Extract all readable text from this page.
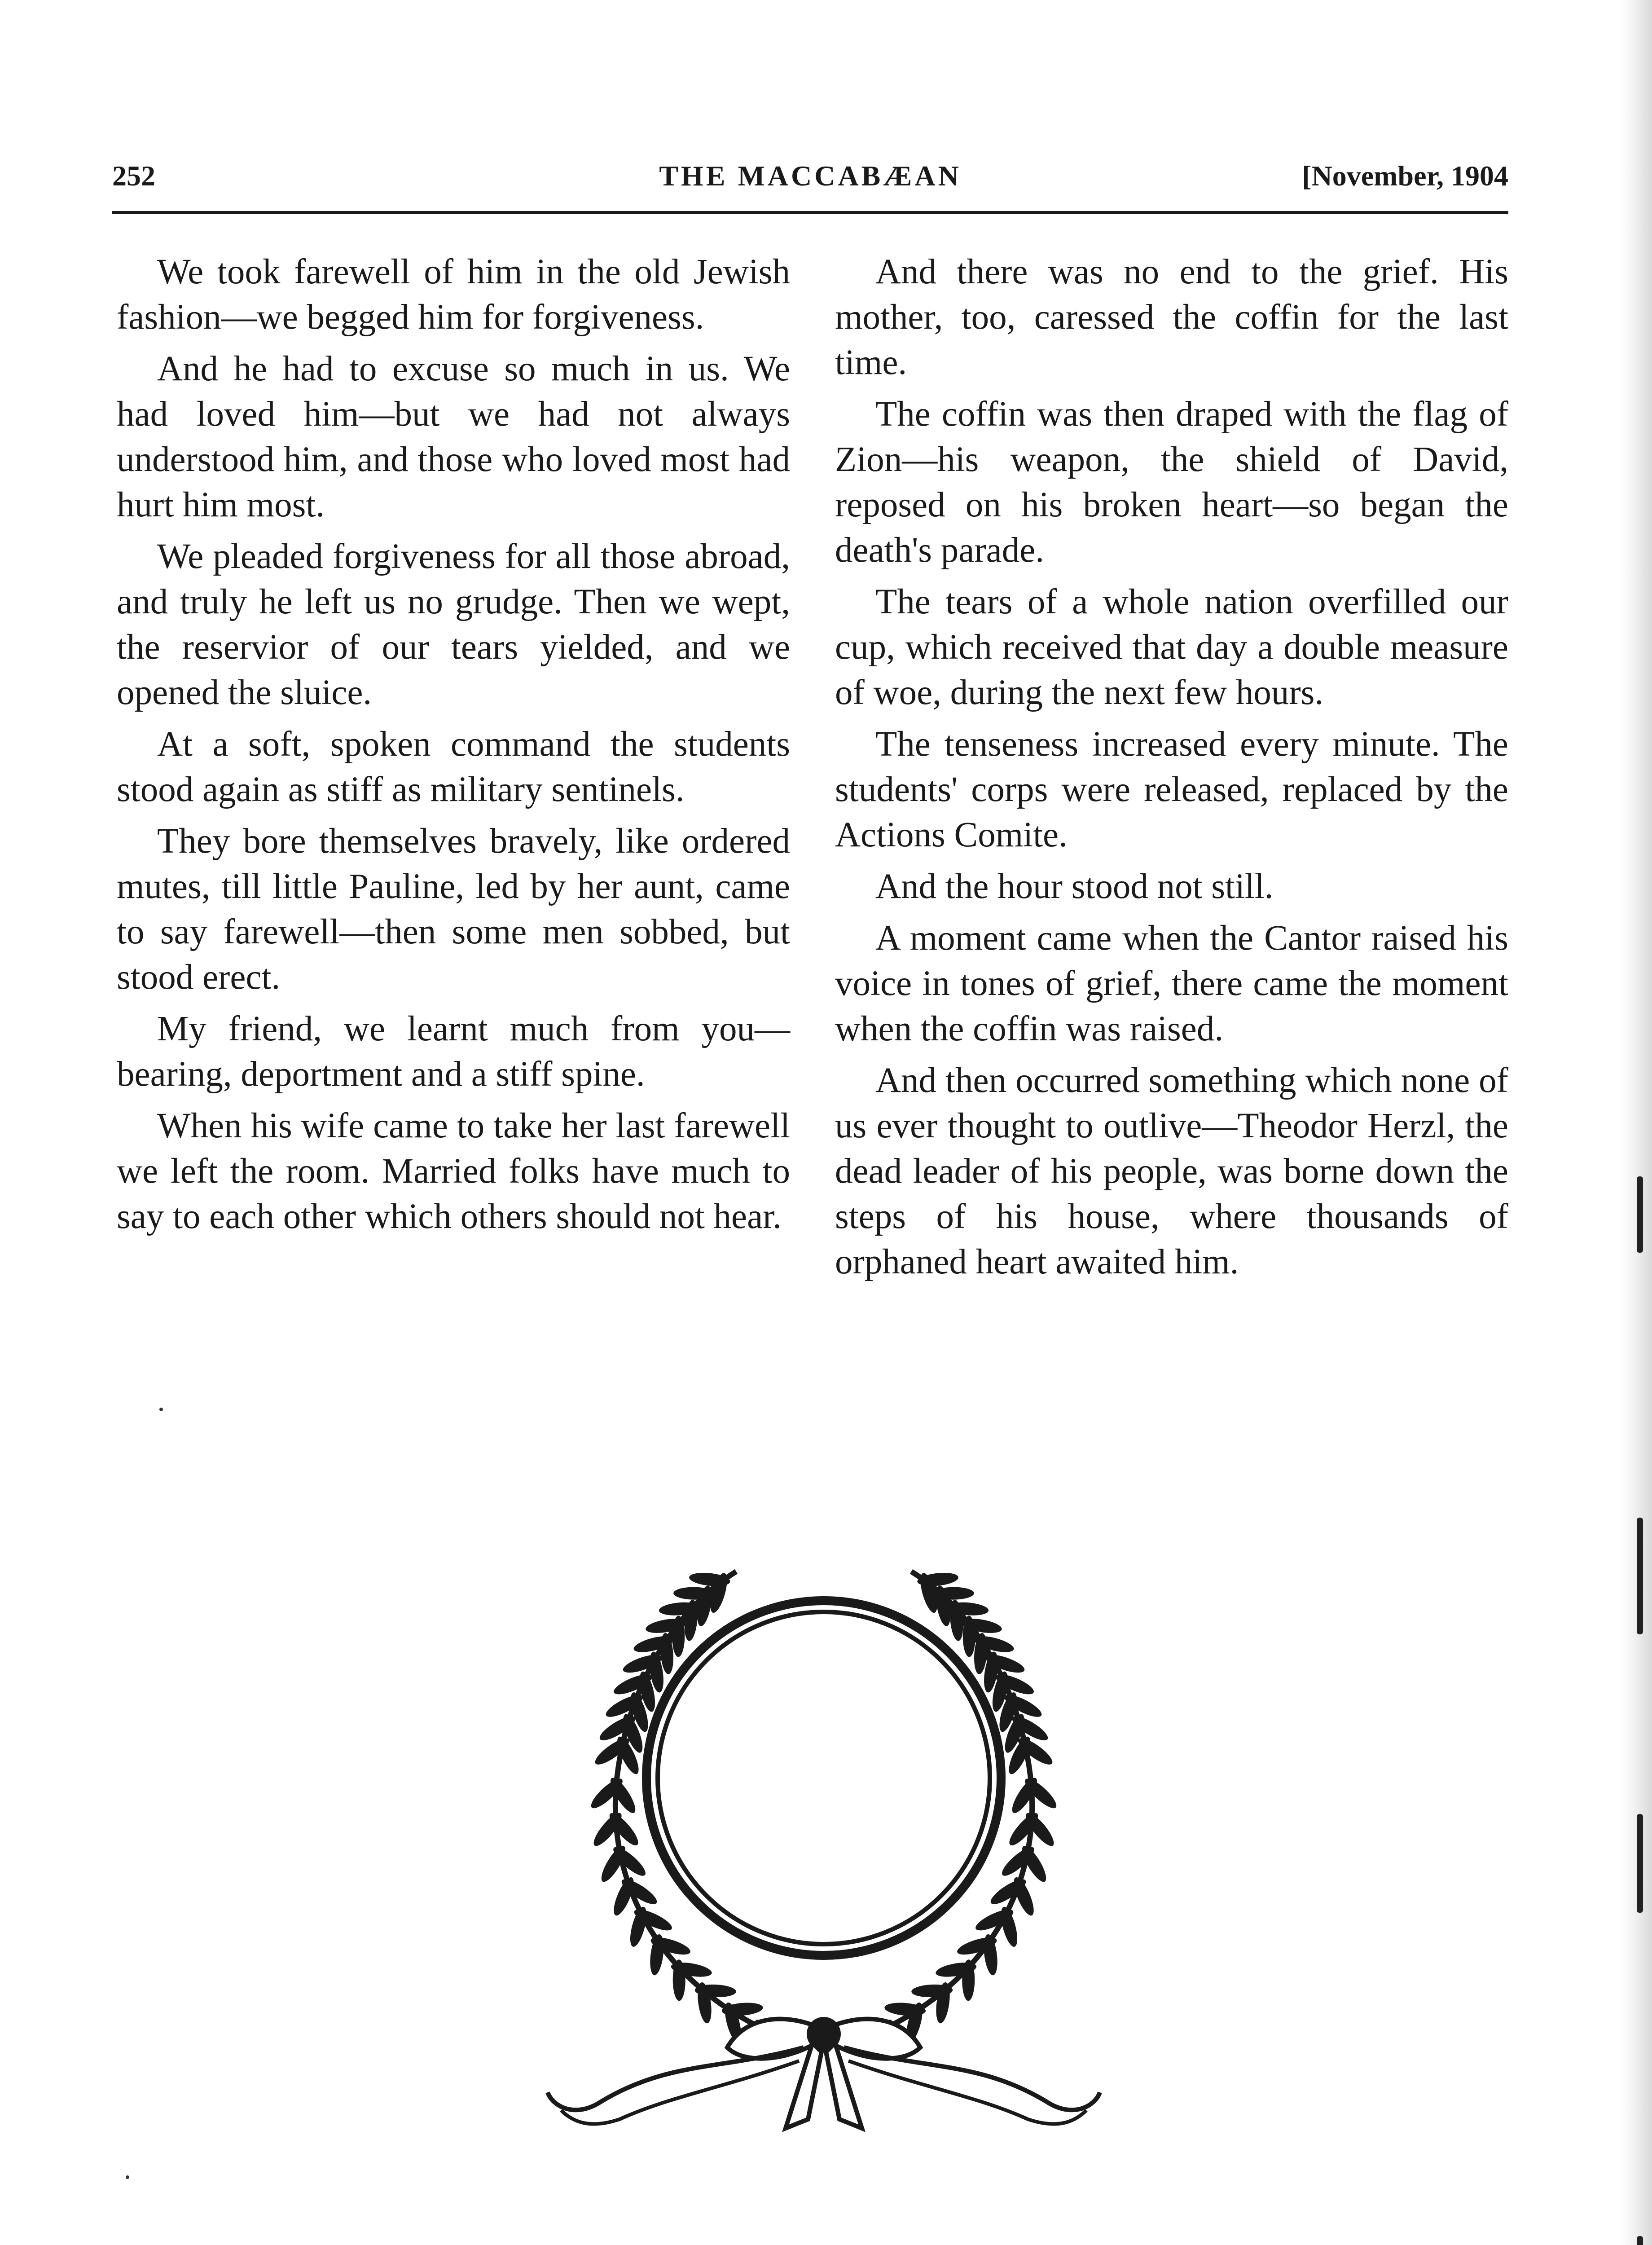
252	THE MACCABÆAN	[November, 1904

We took farewell of him in the old Jewish fashion—we begged him for forgiveness.

And he had to excuse so much in us. We had loved him—but we had not always understood him, and those who loved most had hurt him most.

We pleaded forgiveness for all those abroad, and truly he left us no grudge. Then we wept, the reservior of our tears yielded, and we opened the sluice.

At a soft, spoken command the students stood again as stiff as military sentinels.

They bore themselves bravely, like ordered mutes, till little Pauline, led by her aunt, came to say farewell—then some men sobbed, but stood erect.

My friend, we learnt much from you—bearing, deportment and a stiff spine.

When his wife came to take her last farewell we left the room. Married folks have much to say to each other which others should not hear.

And there was no end to the grief. His mother, too, caressed the coffin for the last time.

The coffin was then draped with the flag of Zion—his weapon, the shield of David, reposed on his broken heart—so began the death's parade.

The tears of a whole nation overfilled our cup, which received that day a double measure of woe, during the next few hours.

The tenseness increased every minute. The students' corps were released, replaced by the Actions Comite.

And the hour stood not still.

A moment came when the Cantor raised his voice in tones of grief, there came the moment when the coffin was raised.

And then occurred something which none of us ever thought to outlive—Theodor Herzl, the dead leader of his people, was borne down the steps of his house, where thousands of orphaned heart awaited him.
